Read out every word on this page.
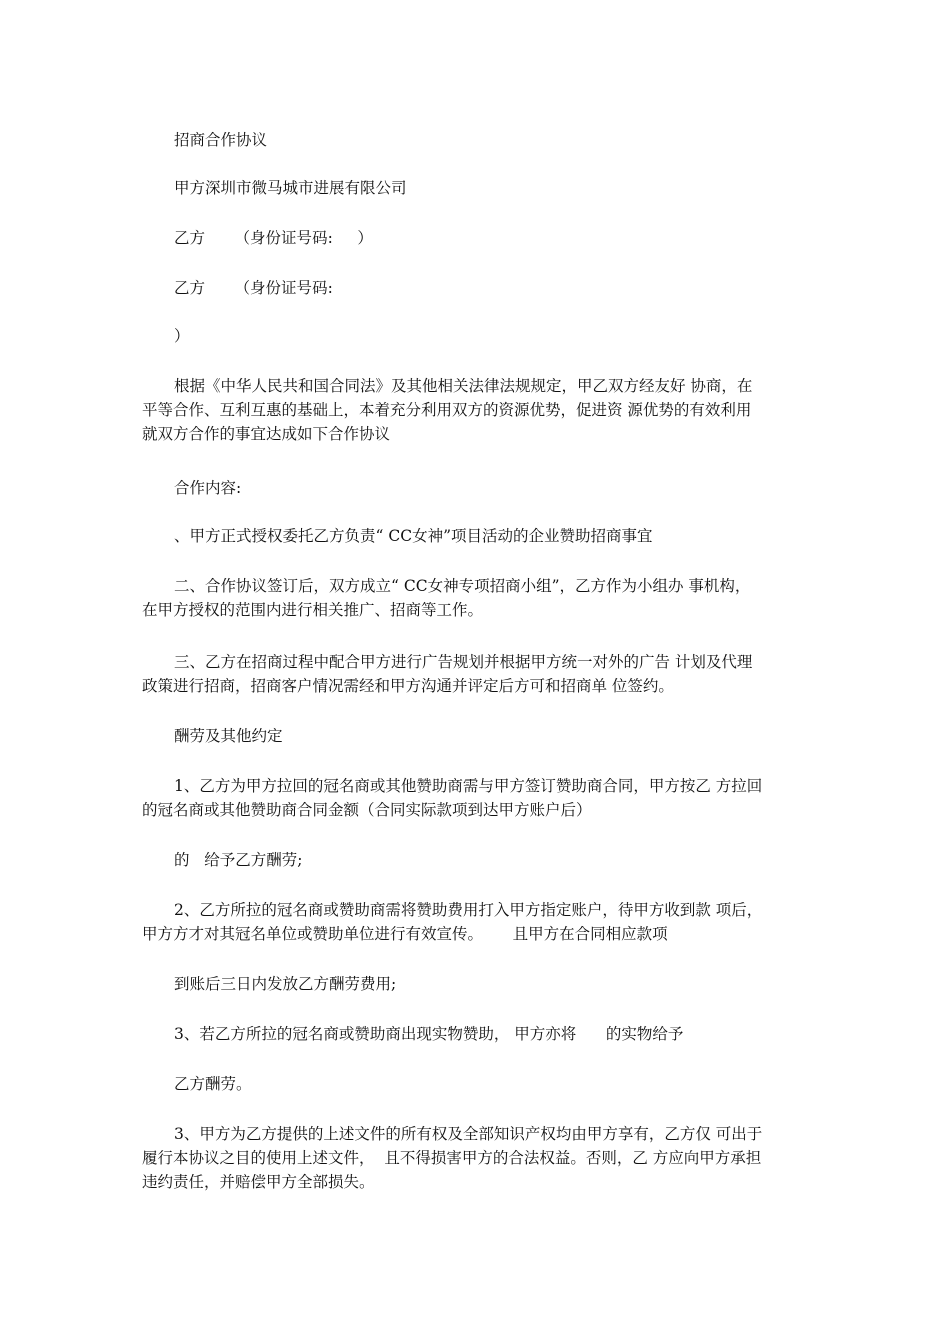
招商合作协议

甲方深圳市微马城市进展有限公司

乙方      （身份证号码:     ）

乙方      （身份证号码:

）

根据《中华人民共和国合同法》及其他相关法律法规规定，甲乙双方经友好 协商，在
平等合作、互利互惠的基础上，本着充分利用双方的资源优势，促进资 源优势的有效利用
就双方合作的事宜达成如下合作协议

合作内容:

、甲方正式授权委托乙方负责“ CC女神”项目活动的企业赞助招商事宜

二、合作协议签订后，双方成立“ CC女神专项招商小组”，乙方作为小组办 事机构，
在甲方授权的范围内进行相关推广、招商等工作。
三、乙方在招商过程中配合甲方进行广告规划并根据甲方统一对外的广告 计划及代理
政策进行招商，招商客户情况需经和甲方沟通并评定后方可和招商单 位签约。

酬劳及其他约定

1、乙方为甲方拉回的冠名商或其他赞助商需与甲方签订赞助商合同，甲方按乙 方拉回
的冠名商或其他赞助商合同金额（合同实际款项到达甲方账户后）

的   给予乙方酬劳;

2、乙方所拉的冠名商或赞助商需将赞助费用打入甲方指定账户，待甲方收到款 项后，
甲方方才对其冠名单位或赞助单位进行有效宣传。      且甲方在合同相应款项

到账后三日内发放乙方酬劳费用;

3、若乙方所拉的冠名商或赞助商出现实物赞助， 甲方亦将      的实物给予

乙方酬劳。

3、甲方为乙方提供的上述文件的所有权及全部知识产权均由甲方享有，乙方仅 可出于
履行本协议之目的使用上述文件，  且不得损害甲方的合法权益。否则，乙 方应向甲方承担
违约责任，并赔偿甲方全部损失。
